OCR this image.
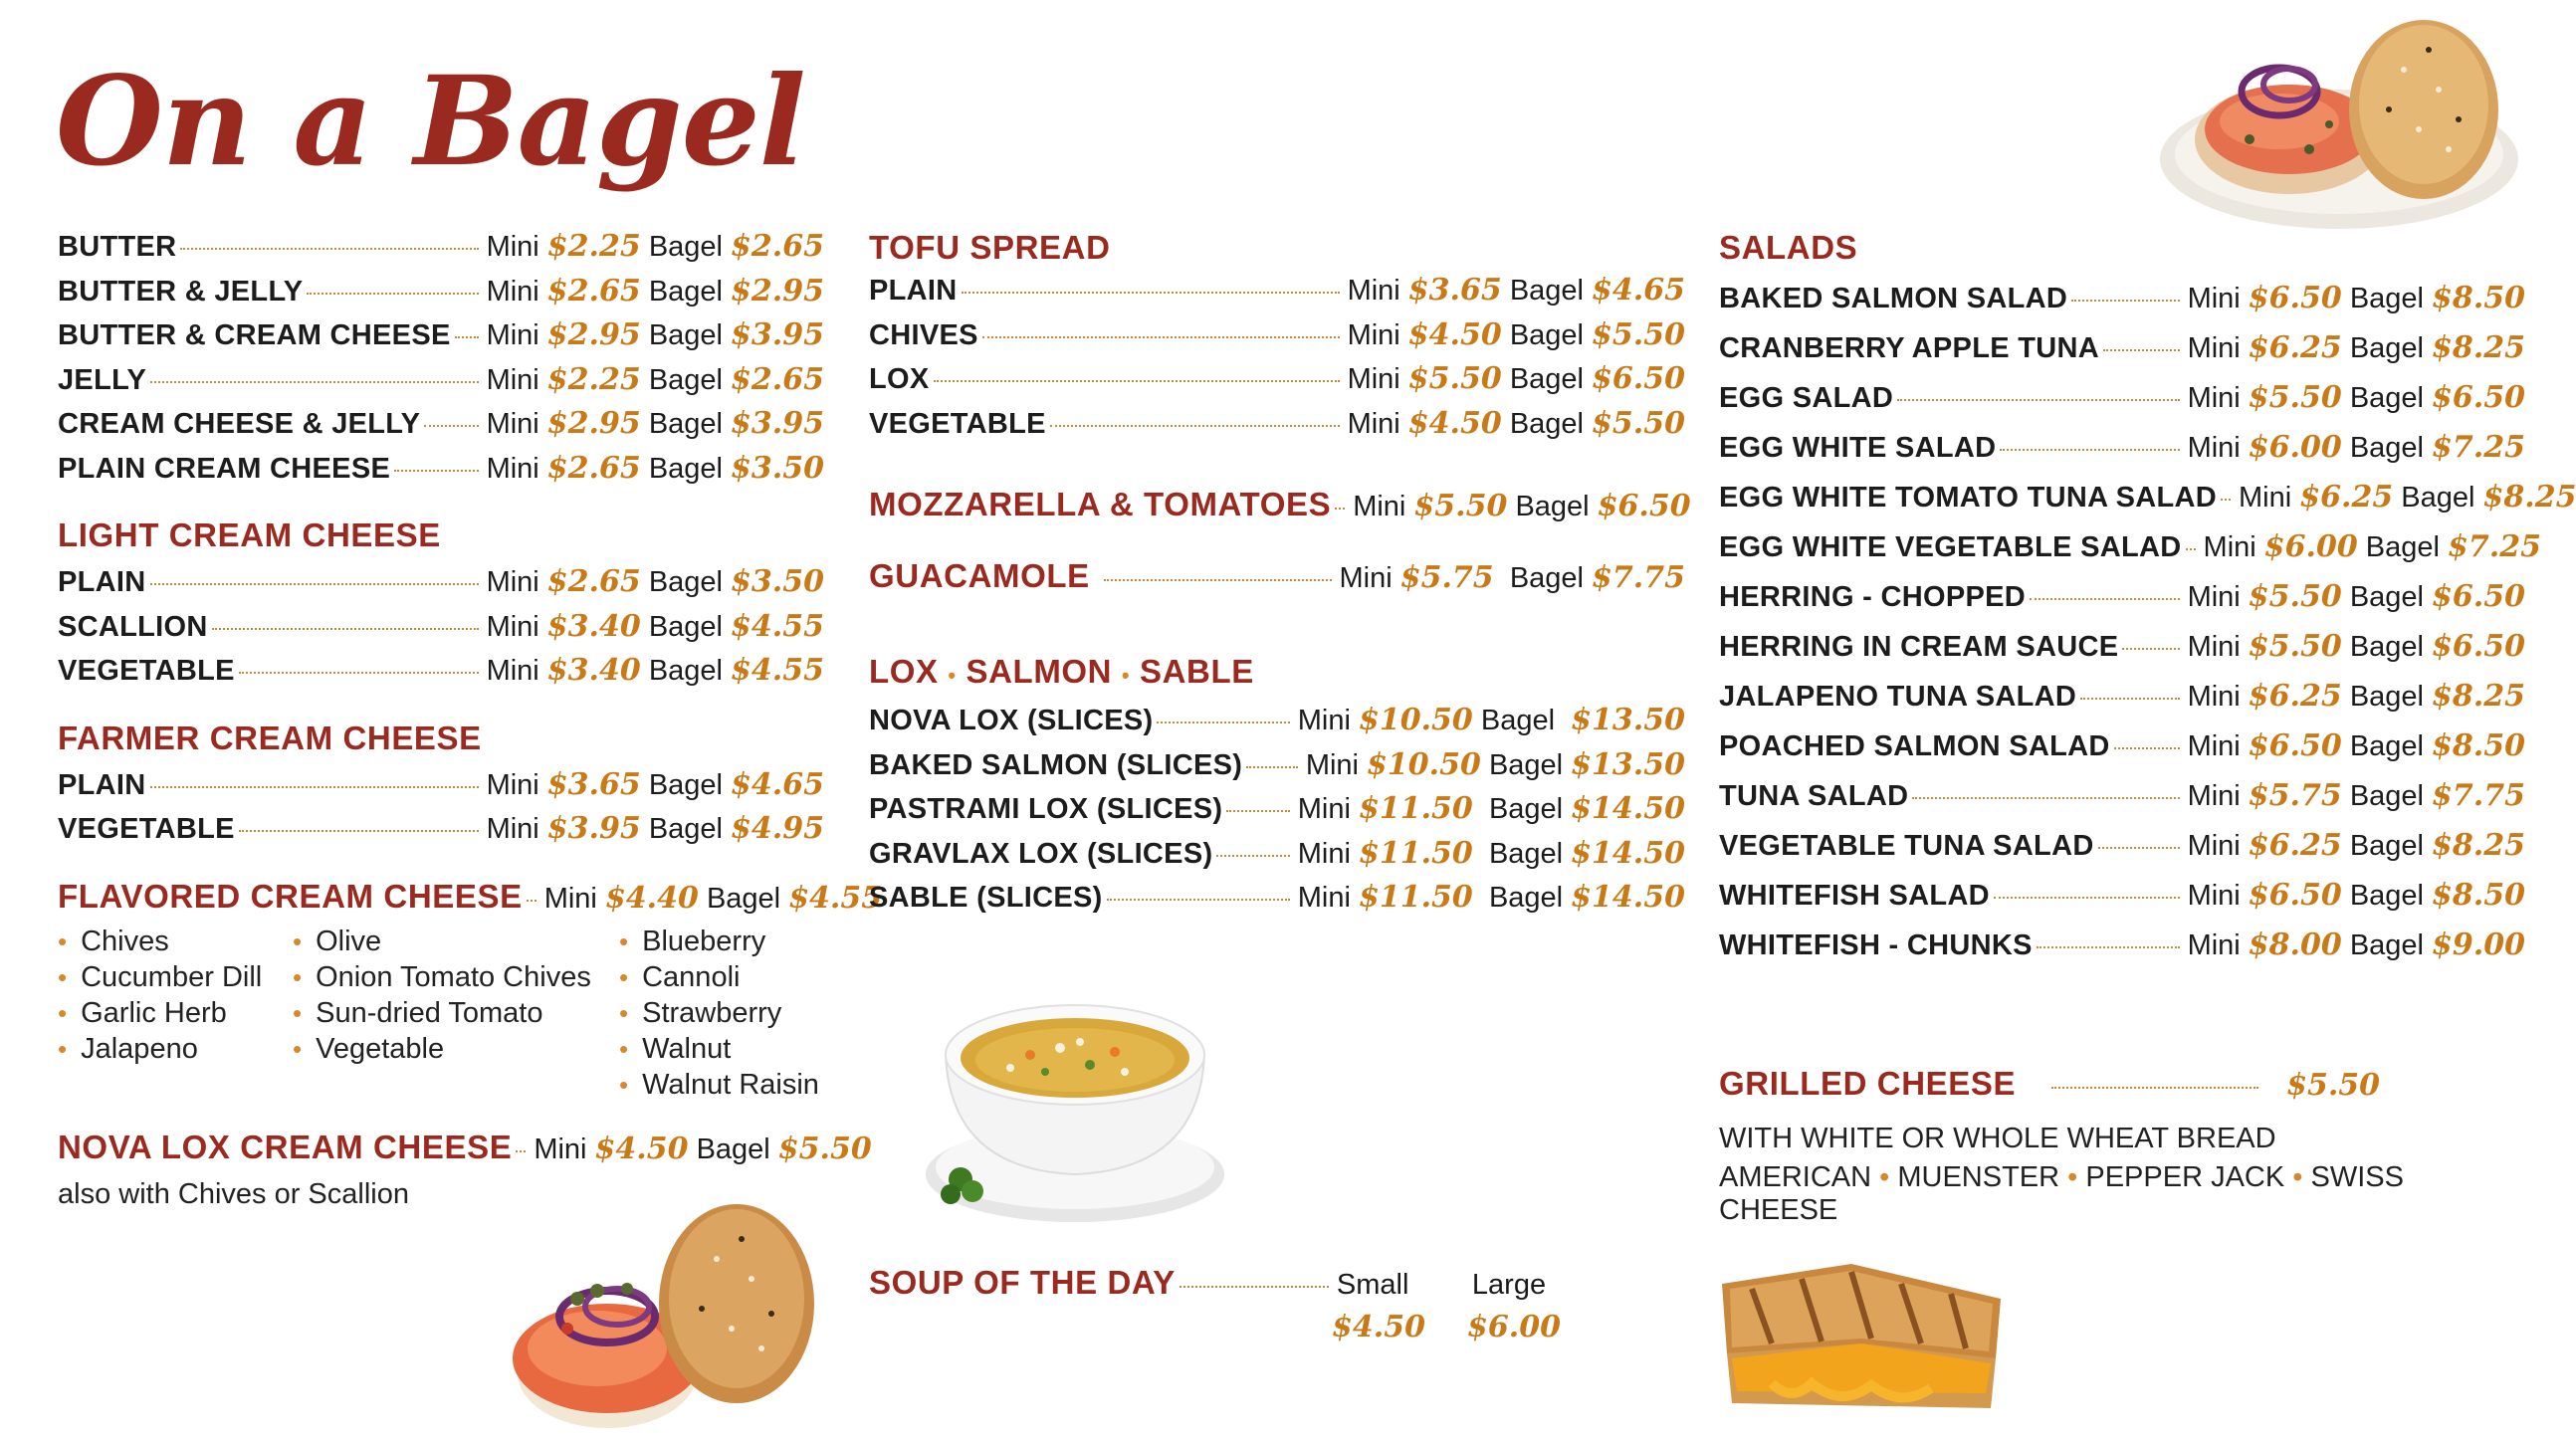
On a Bagel
BUTTER	Mini $2.25 Bagel $2.65
BUTTER & JELLY	Mini $2.65 Bagel $2.95
BUTTER & CREAM CHEESE Mini $2.95 Bagel $3.95
JELLY	Mini $2.25 Bagel $2.65
CREAM CHEESE & JELLY Mini $2.95 Bagel $3.95
PLAIN CREAM CHEESE	Mini $2.65 Bagel $3.50
LIGHT CREAM CHEESE
PLAIN	Mini $2.65 Bagel $3.50
SCALLION	Mini $3.40 Bagel $4.55
VEGETABLE	Mini $3.40 Bagel $4.55
FARMER CREAM CHEESE
PLAIN	Mini $3.65 Bagel $4.65
VEGETABLE	Mini $3.95 Bagel $4.95
FLAVORED CREAM CHEESE Mini $4.40 Bagel $4.55
• Chives
• Cucumber Dill
• Garlic Herb
• Jalapeno
• Olive
• Onion Tomato Chives
• Sun-dried Tomato
• Vegetable
• Blueberry
• Cannoli
• Strawberry
• Walnut
• Walnut Raisin
NOVA LOX CREAM CHEESE Mini $4.50 Bagel $5.50
also with Chives or Scallion
TOFU SPREAD
PLAIN	Mini $3.65 Bagel $4.65
CHIVES	Mini $4.50 Bagel $5.50
LOX	Mini $5.50 Bagel $6.50
VEGETABLE	Mini $4.50 Bagel $5.50
MOZZARELLA & TOMATOES Mini $5.50 Bagel $6.50
GUACAMOLE	Mini $5.75 Bagel $7.75
LOX • SALMON • SABLE
NOVA LOX (SLICES)	Mini $10.50 Bagel $13.50
BAKED SALMON (SLICES) Mini $10.50 Bagel $13.50
PASTRAMI LOX (SLICES)	Mini $11.50 Bagel $14.50
GRAVLAX LOX (SLICES)	Mini $11.50 Bagel $14.50
SABLE (SLICES)	Mini $11.50 Bagel $14.50
SOUP OF THE DAY	Small	Large
$4.50 $6.00
SALADS
BAKED SALMON SALAD	Mini $6.50 Bagel $8.50
CRANBERRY APPLE TUNA	Mini $6.25 Bagel $8.25
EGG SALAD	Mini $5.50 Bagel $6.50
EGG WHITE SALAD	Mini $6.00 Bagel $7.25
EGG WHITE TOMATO TUNA SALAD Mini $6.25 Bagel $8.25
EGG WHITE VEGETABLE SALAD Mini $6.00 Bagel $7.25
HERRING - CHOPPED	Mini $5.50 Bagel $6.50
HERRING IN CREAM SAUCE Mini $5.50 Bagel $6.50
JALAPENO TUNA SALAD	Mini $6.25 Bagel $8.25
POACHED SALMON SALAD	Mini $6.50 Bagel $8.50
TUNA SALAD	Mini $5.75 Bagel $7.75
VEGETABLE TUNA SALAD	Mini $6.25 Bagel $8.25
WHITEFISH SALAD	Mini $6.50 Bagel $8.50
WHITEFISH - CHUNKS	Mini $8.00 Bagel $9.00
GRILLED CHEESE	$5.50
WITH WHITE OR WHOLE WHEAT BREAD
AMERICAN • MUENSTER • PEPPER JACK • SWISS CHEESE
